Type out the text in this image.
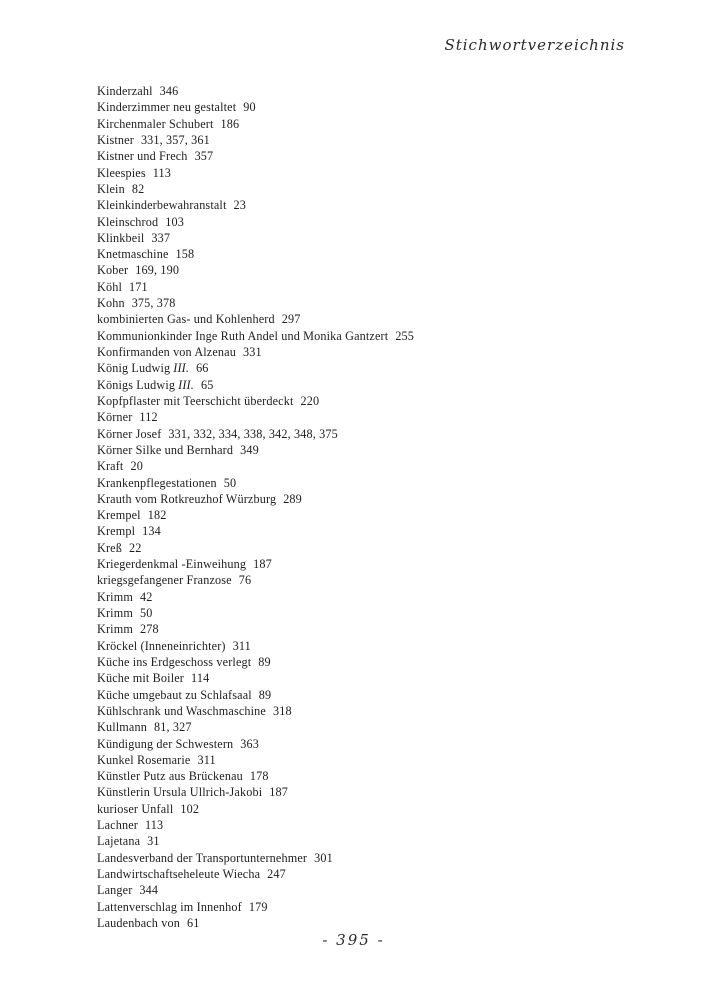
Stichwortverzeichnis
Kinderzahl 346
Kinderzimmer neu gestaltet 90
Kirchenmaler Schubert 186
Kistner 331, 357, 361
Kistner und Frech 357
Kleespies 113
Klein 82
Kleinkinderbewahranstalt 23
Kleinschrod 103
Klinkbeil 337
Knetmaschine 158
Kober 169, 190
Köhl 171
Kohn 375, 378
kombinierten Gas- und Kohlenherd 297
Kommunionkinder Inge Ruth Andel und Monika Gantzert 255
Konfirmanden von Alzenau 331
König Ludwig III. 66
Königs Ludwig III. 65
Kopfpflaster mit Teerschicht überdeckt 220
Körner 112
Körner Josef 331, 332, 334, 338, 342, 348, 375
Körner Silke und Bernhard 349
Kraft 20
Krankenpflegestationen 50
Krauth vom Rotkreuzhof Würzburg 289
Krempel 182
Krempl 134
Kreß 22
Kriegerdenkmal -Einweihung 187
kriegsgefangener Franzose 76
Krimm 42
Krimm 50
Krimm 278
Kröckel (Inneneinrichter) 311
Küche ins Erdgeschoss verlegt 89
Küche mit Boiler 114
Küche umgebaut zu Schlafsaal 89
Kühlschrank und Waschmaschine 318
Kullmann 81, 327
Kündigung der Schwestern 363
Kunkel Rosemarie 311
Künstler Putz aus Brückenau 178
Künstlerin Ursula Ullrich-Jakobi 187
kurioser Unfall 102
Lachner 113
Lajetana 31
Landesverband der Transportunternehmer 301
Landwirtschaftseheleute Wiecha 247
Langer 344
Lattenverschlag im Innenhof 179
Laudenbach von 61
- 395 -
